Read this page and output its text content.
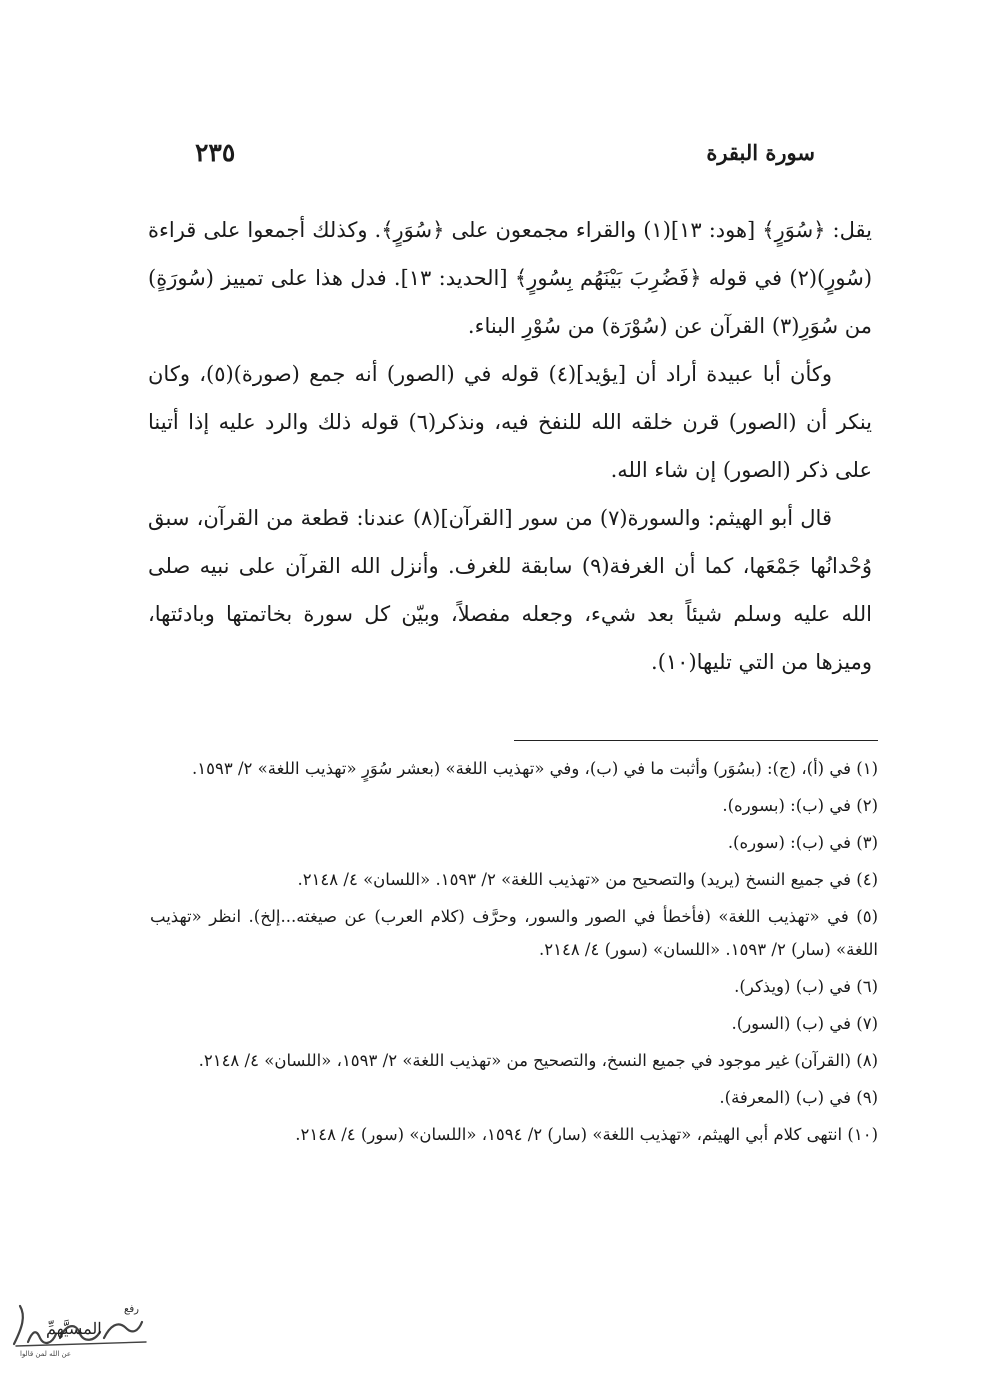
٢٣٥	سورة البقرة

يقل: ﴿سُوَرٍ﴾ [هود: ١٣](١) والقراء مجمعون على ﴿سُوَرٍ﴾. وكذلك أجمعوا على قراءة (سُورٍ)(٢) في قوله ﴿فَضُرِبَ بَيْنَهُم بِسُورٍ﴾ [الحديد: ١٣]. فدل هذا على تمييز (سُورَةٍ) من سُوَرِ(٣) القرآن عن (سُوْرَة) من سُوْرِ البناء.

وكأن أبا عبيدة أراد أن [يؤيد](٤) قوله في (الصور) أنه جمع (صورة)(٥)، وكان ينكر أن (الصور) قرن خلقه الله للنفخ فيه، ونذكر(٦) قوله ذلك والرد عليه إذا أتينا على ذكر (الصور) إن شاء الله.

قال أبو الهيثم: والسورة(٧) من سور [القرآن](٨) عندنا: قطعة من القرآن، سبق وُحْدانُها جَمْعَها، كما أن الغرفة(٩) سابقة للغرف. وأنزل الله القرآن على نبيه صلى الله عليه وسلم شيئاً بعد شيء، وجعله مفصلاً، وبيّن كل سورة بخاتمتها وبادئتها، وميزها من التي تليها(١٠).

(١) في (أ)، (ج): (بسُوَر) وأثبت ما في (ب)، وفي «تهذيب اللغة» (بعشر سُوَرٍ «تهذيب اللغة» ٢/ ١٥٩٣.

(٢) في (ب): (بسوره).

(٣) في (ب): (سوره).

(٤) في جميع النسخ (يريد) والتصحيح من «تهذيب اللغة» ٢/ ١٥٩٣. «اللسان» ٤/ ٢١٤٨.

(٥) في «تهذيب اللغة» (فأخطأ في الصور والسور، وحرَّف (كلام العرب) عن صيغته...إلخ). انظر «تهذيب اللغة» (سار) ٢/ ١٥٩٣. «اللسان» (سور) ٤/ ٢١٤٨.

(٦) في (ب) (ويذكر).

(٧) في (ب) (السور).

(٨) (القرآن) غير موجود في جميع النسخ، والتصحيح من «تهذيب اللغة» ٢/ ١٥٩٣، «اللسان» ٤/ ٢١٤٨.

(٩) في (ب) (المعرفة).

(١٠) انتهى كلام أبي الهيثم، «تهذيب اللغة» (سار) ٢/ ١٥٩٤، «اللسان» (سور) ٤/ ٢١٤٨.

رفع
المسيَّهمِّ
عن الله لمن قالوا
